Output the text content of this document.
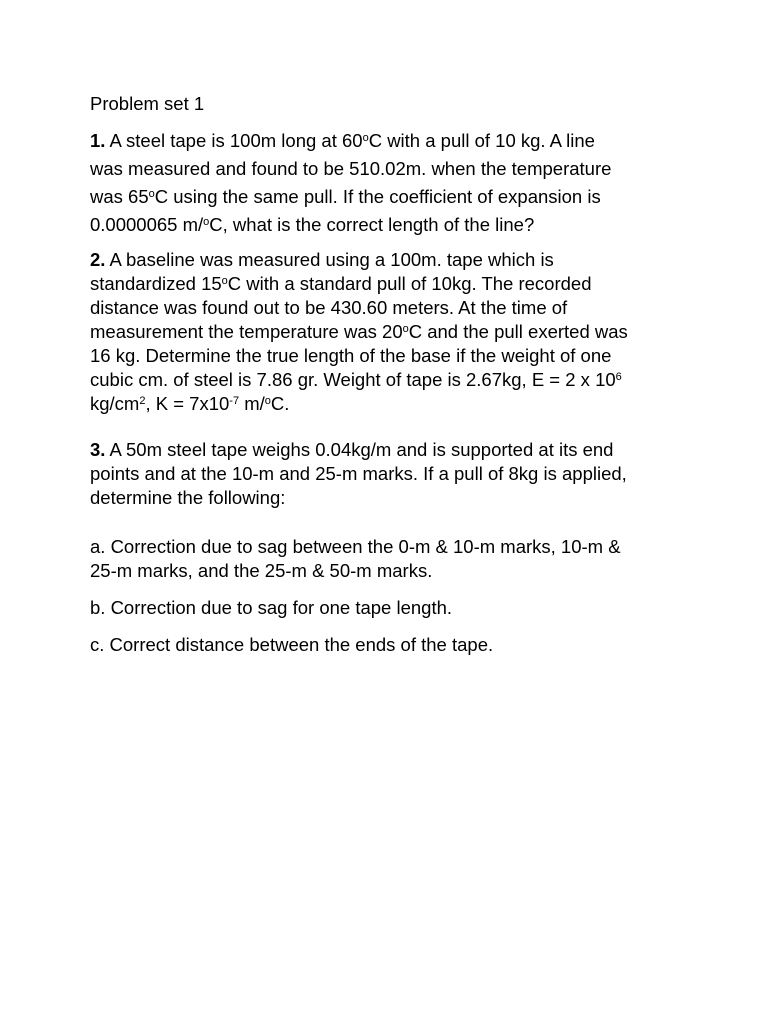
Problem set 1
1. A steel tape is 100m long at 60$^o$C with a pull of 10 kg. A line
was measured and found to be 510.02m. when the temperature
was 65$^o$C using the same pull. If the coefficient of expansion is
0.0000065 m/$^o$C, what is the correct length of the line?
2. A baseline was measured using a 100m. tape which is
standardized 15$^o$C with a standard pull of 10kg. The recorded
distance was found out to be 430.60 meters. At the time of
measurement the temperature was 20$^o$C and the pull exerted was
16 kg. Determine the true length of the base if the weight of one
cubic cm. of steel is 7.86 gr. Weight of tape is 2.67kg, E = 2 x $10^6$
$kg/cm^2$, $K = 7x10^{-7}$ m/$^o$C.
3. A 50m steel tape weighs 0.04kg/m and is supported at its end
points and at the 10-m and 25-m marks. If a pull of 8kg is applied,
determine the following:
a. Correction due to sag between the 0-m & 10-m marks, 10-m &
25-m marks, and the 25-m & 50-m marks.
b. Correction due to sag for one tape length.
c. Correct distance between the ends of the tape.
